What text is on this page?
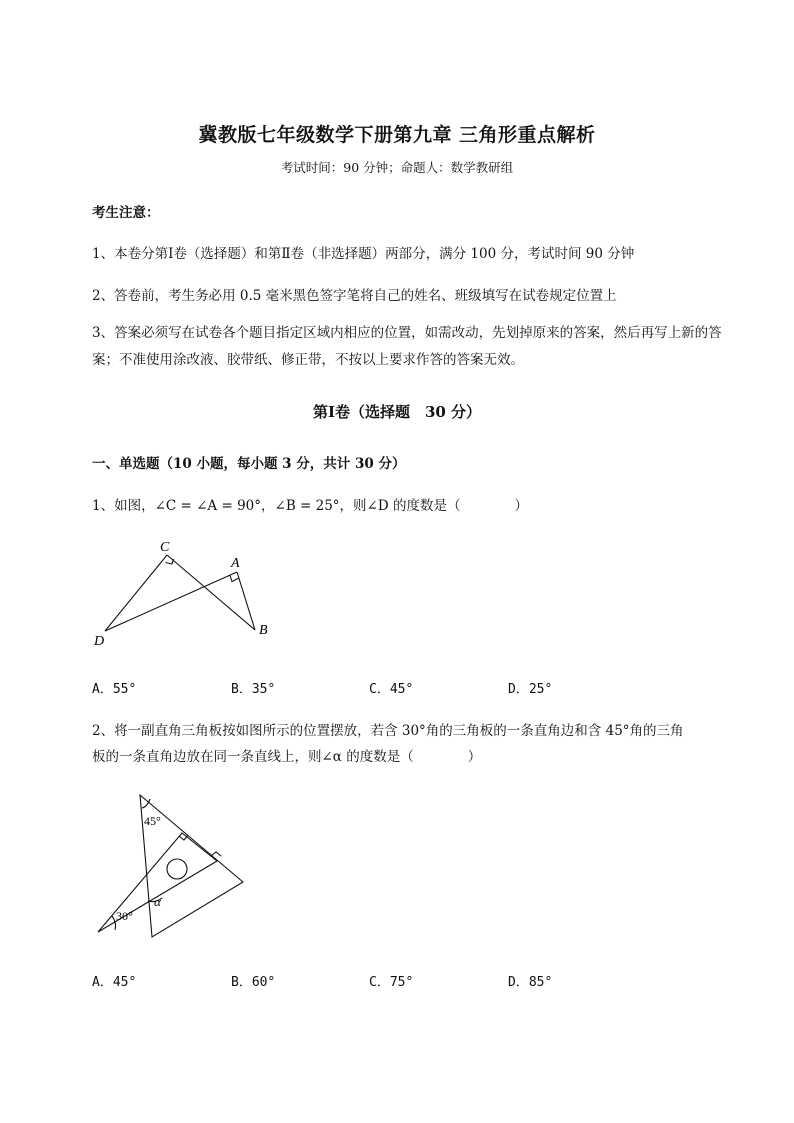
冀教版七年级数学下册第九章 三角形重点解析
考试时间：90 分钟；命题人：数学教研组
考生注意：
1、本卷分第Ⅰ卷（选择题）和第Ⅱ卷（非选择题）两部分，满分 100 分，考试时间 90 分钟
2、答卷前，考生务必用 0.5 毫米黑色签字笔将自己的姓名、班级填写在试卷规定位置上
3、答案必须写在试卷各个题目指定区域内相应的位置，如需改动，先划掉原来的答案，然后再写上新的答案；不准使用涂改液、胶带纸、修正带，不按以上要求作答的答案无效。
第Ⅰ卷（选择题　30 分）
一、单选题（10 小题，每小题 3 分，共计 30 分）
1、如图，∠C = ∠A = 90°，∠B = 25°，则∠D 的度数是（　　　　）
C
A
D
B
A．55°	B．35°	C．45°	D．25°
2、将一副直角三角板按如图所示的位置摆放，若含 30°角的三角板的一条直角边和含 45°角的三角
板的一条直角边放在同一条直线上，则∠α 的度数是（　　　　）
45°
30°
α
A．45°	B．60°	C．75°	D．85°
